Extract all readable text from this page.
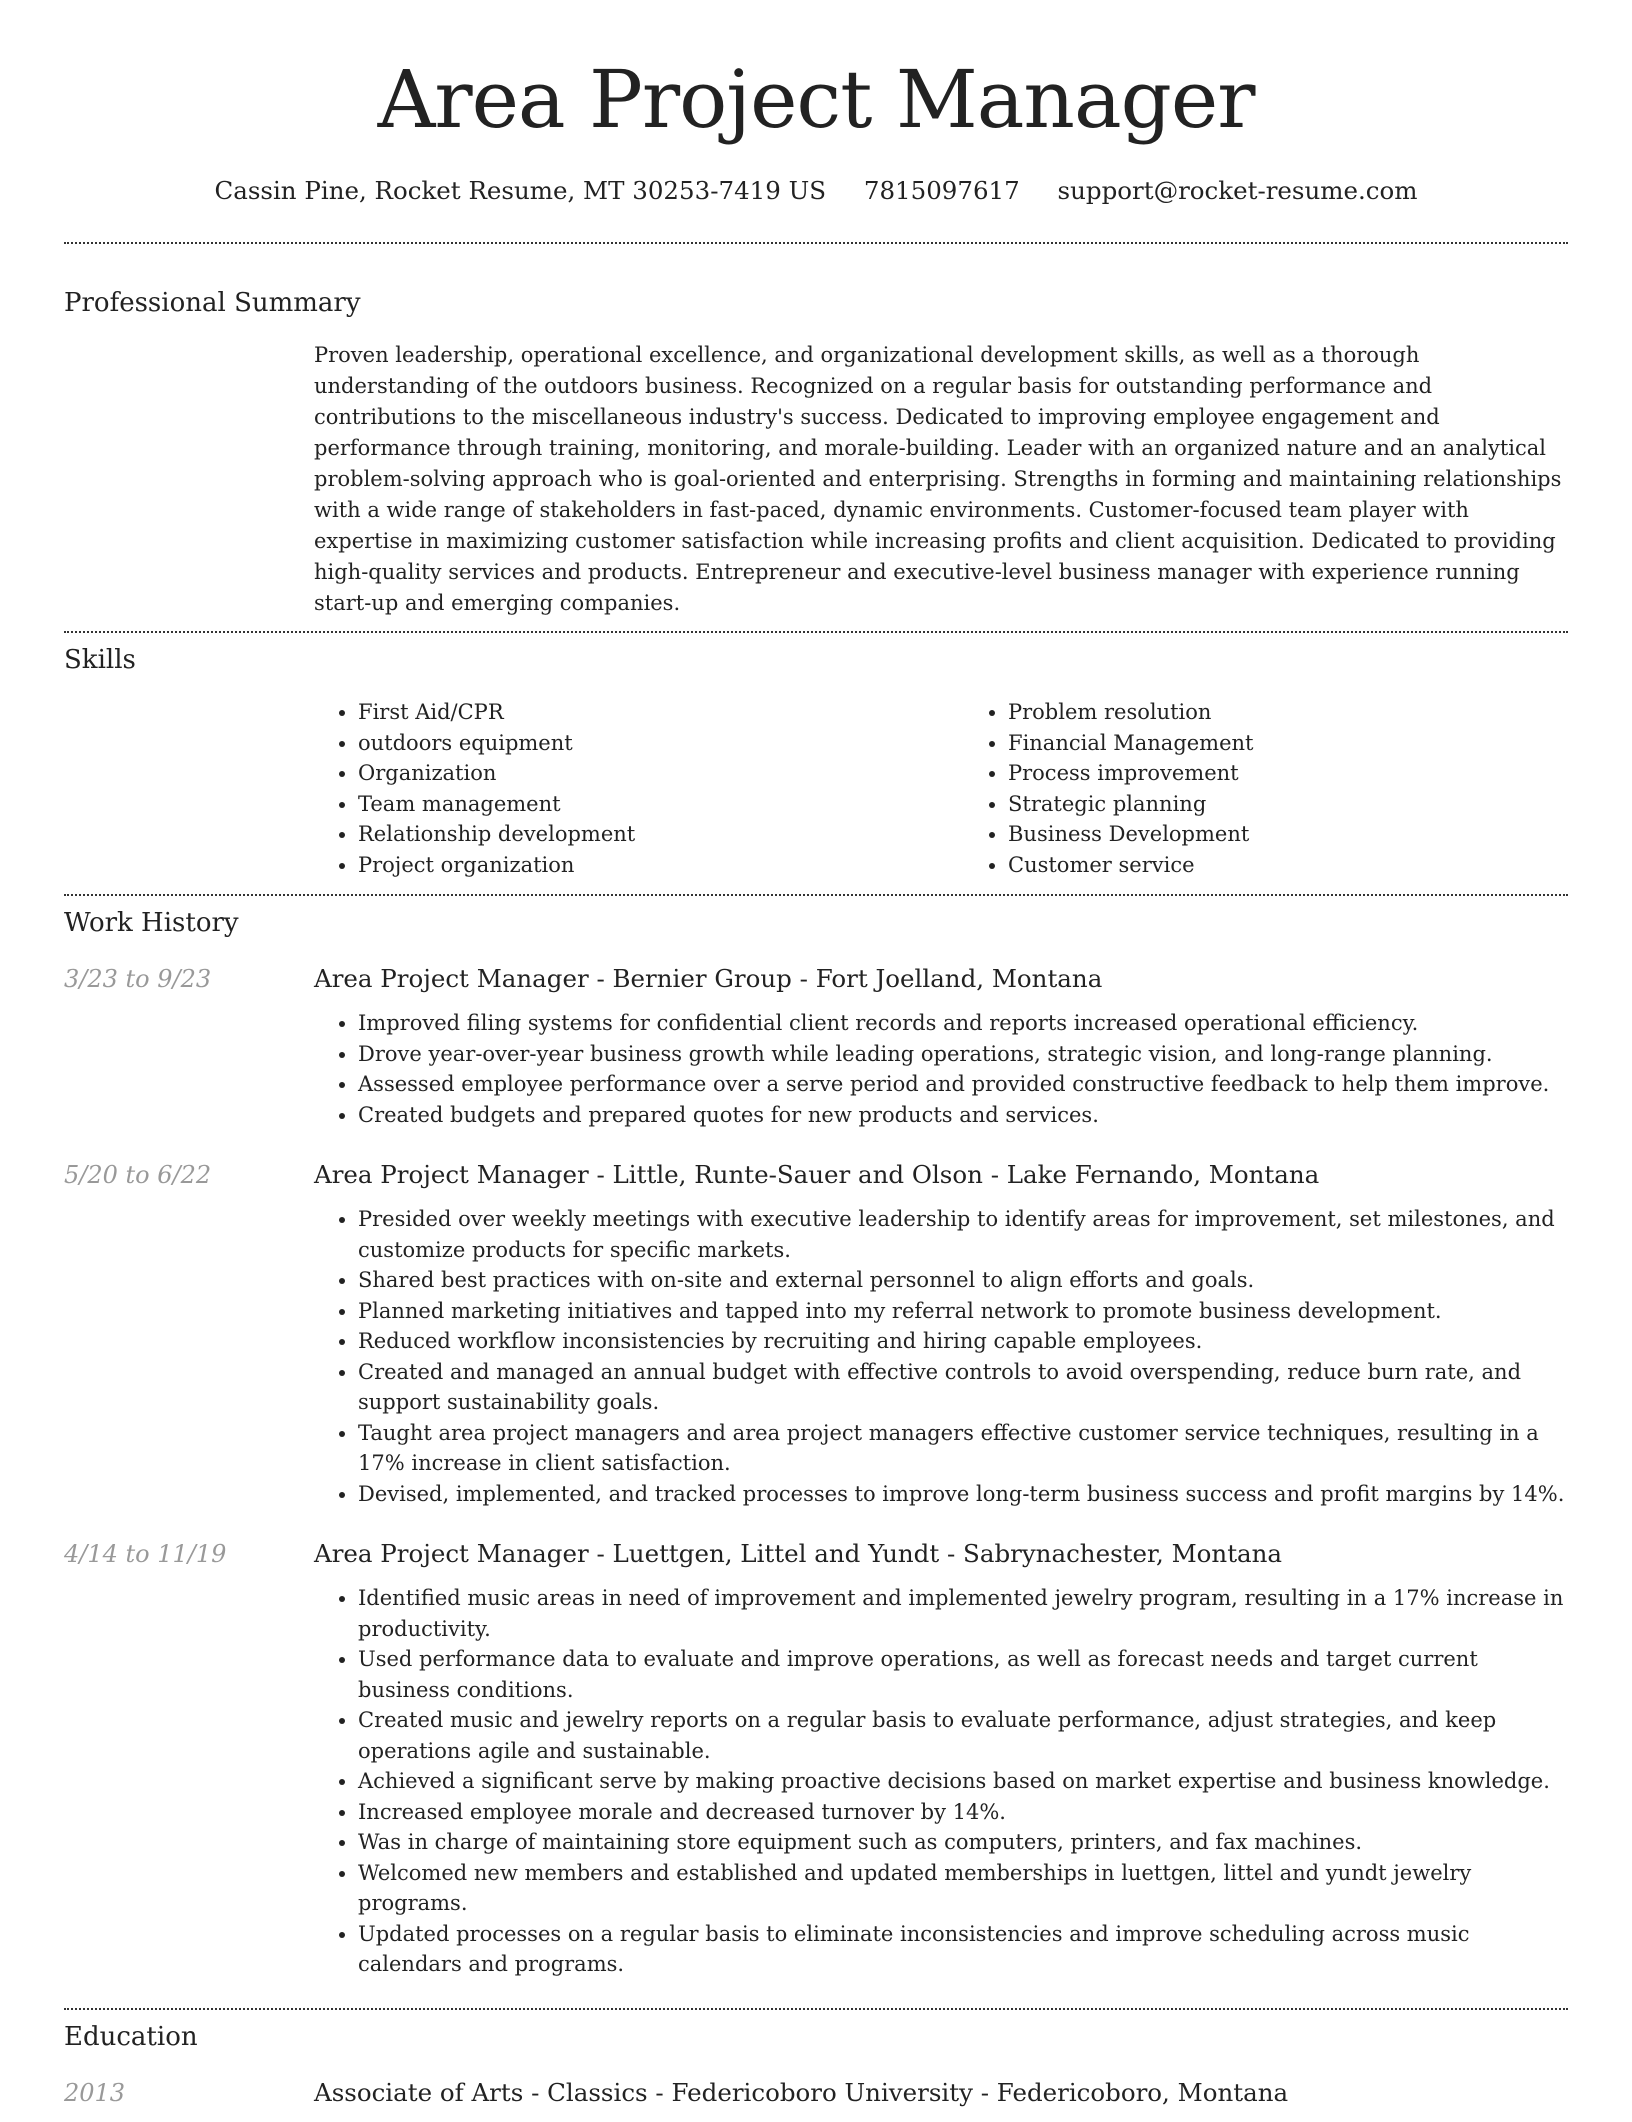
Area Project Manager
Cassin Pine, Rocket Resume, MT 30253-7419 US 7815097617 support@rocket-resume.com
Professional Summary
Proven leadership, operational excellence, and organizational development skills, as well as a thorough understanding of the outdoors business. Recognized on a regular basis for outstanding performance and contributions to the miscellaneous industry's success. Dedicated to improving employee engagement and performance through training, monitoring, and morale-building. Leader with an organized nature and an analytical problem-solving approach who is goal-oriented and enterprising. Strengths in forming and maintaining relationships with a wide range of stakeholders in fast-paced, dynamic environments. Customer-focused team player with expertise in maximizing customer satisfaction while increasing profits and client acquisition. Dedicated to providing high-quality services and products. Entrepreneur and executive-level business manager with experience running start-up and emerging companies.
Skills
• First Aid/CPR
• outdoors equipment
• Organization
• Team management
• Relationship development
• Project organization
• Problem resolution
• Financial Management
• Process improvement
• Strategic planning
• Business Development
• Customer service
Work History
3/23 to 9/23	Area Project Manager - Bernier Group - Fort Joelland, Montana
• Improved filing systems for confidential client records and reports increased operational efficiency.
• Drove year-over-year business growth while leading operations, strategic vision, and long-range planning.
• Assessed employee performance over a serve period and provided constructive feedback to help them improve.
• Created budgets and prepared quotes for new products and services.
5/20 to 6/22	Area Project Manager - Little, Runte-Sauer and Olson - Lake Fernando, Montana
• Presided over weekly meetings with executive leadership to identify areas for improvement, set milestones, and customize products for specific markets.
• Shared best practices with on-site and external personnel to align efforts and goals.
• Planned marketing initiatives and tapped into my referral network to promote business development.
• Reduced workflow inconsistencies by recruiting and hiring capable employees.
• Created and managed an annual budget with effective controls to avoid overspending, reduce burn rate, and support sustainability goals.
• Taught area project managers and area project managers effective customer service techniques, resulting in a 17% increase in client satisfaction.
• Devised, implemented, and tracked processes to improve long-term business success and profit margins by 14%.
4/14 to 11/19	Area Project Manager - Luettgen, Littel and Yundt - Sabrynachester, Montana
• Identified music areas in need of improvement and implemented jewelry program, resulting in a 17% increase in productivity.
• Used performance data to evaluate and improve operations, as well as forecast needs and target current business conditions.
• Created music and jewelry reports on a regular basis to evaluate performance, adjust strategies, and keep operations agile and sustainable.
• Achieved a significant serve by making proactive decisions based on market expertise and business knowledge.
• Increased employee morale and decreased turnover by 14%.
• Was in charge of maintaining store equipment such as computers, printers, and fax machines.
• Welcomed new members and established and updated memberships in luettgen, littel and yundt jewelry programs.
• Updated processes on a regular basis to eliminate inconsistencies and improve scheduling across music calendars and programs.
Education
2013	Associate of Arts - Classics - Federicoboro University - Federicoboro, Montana
